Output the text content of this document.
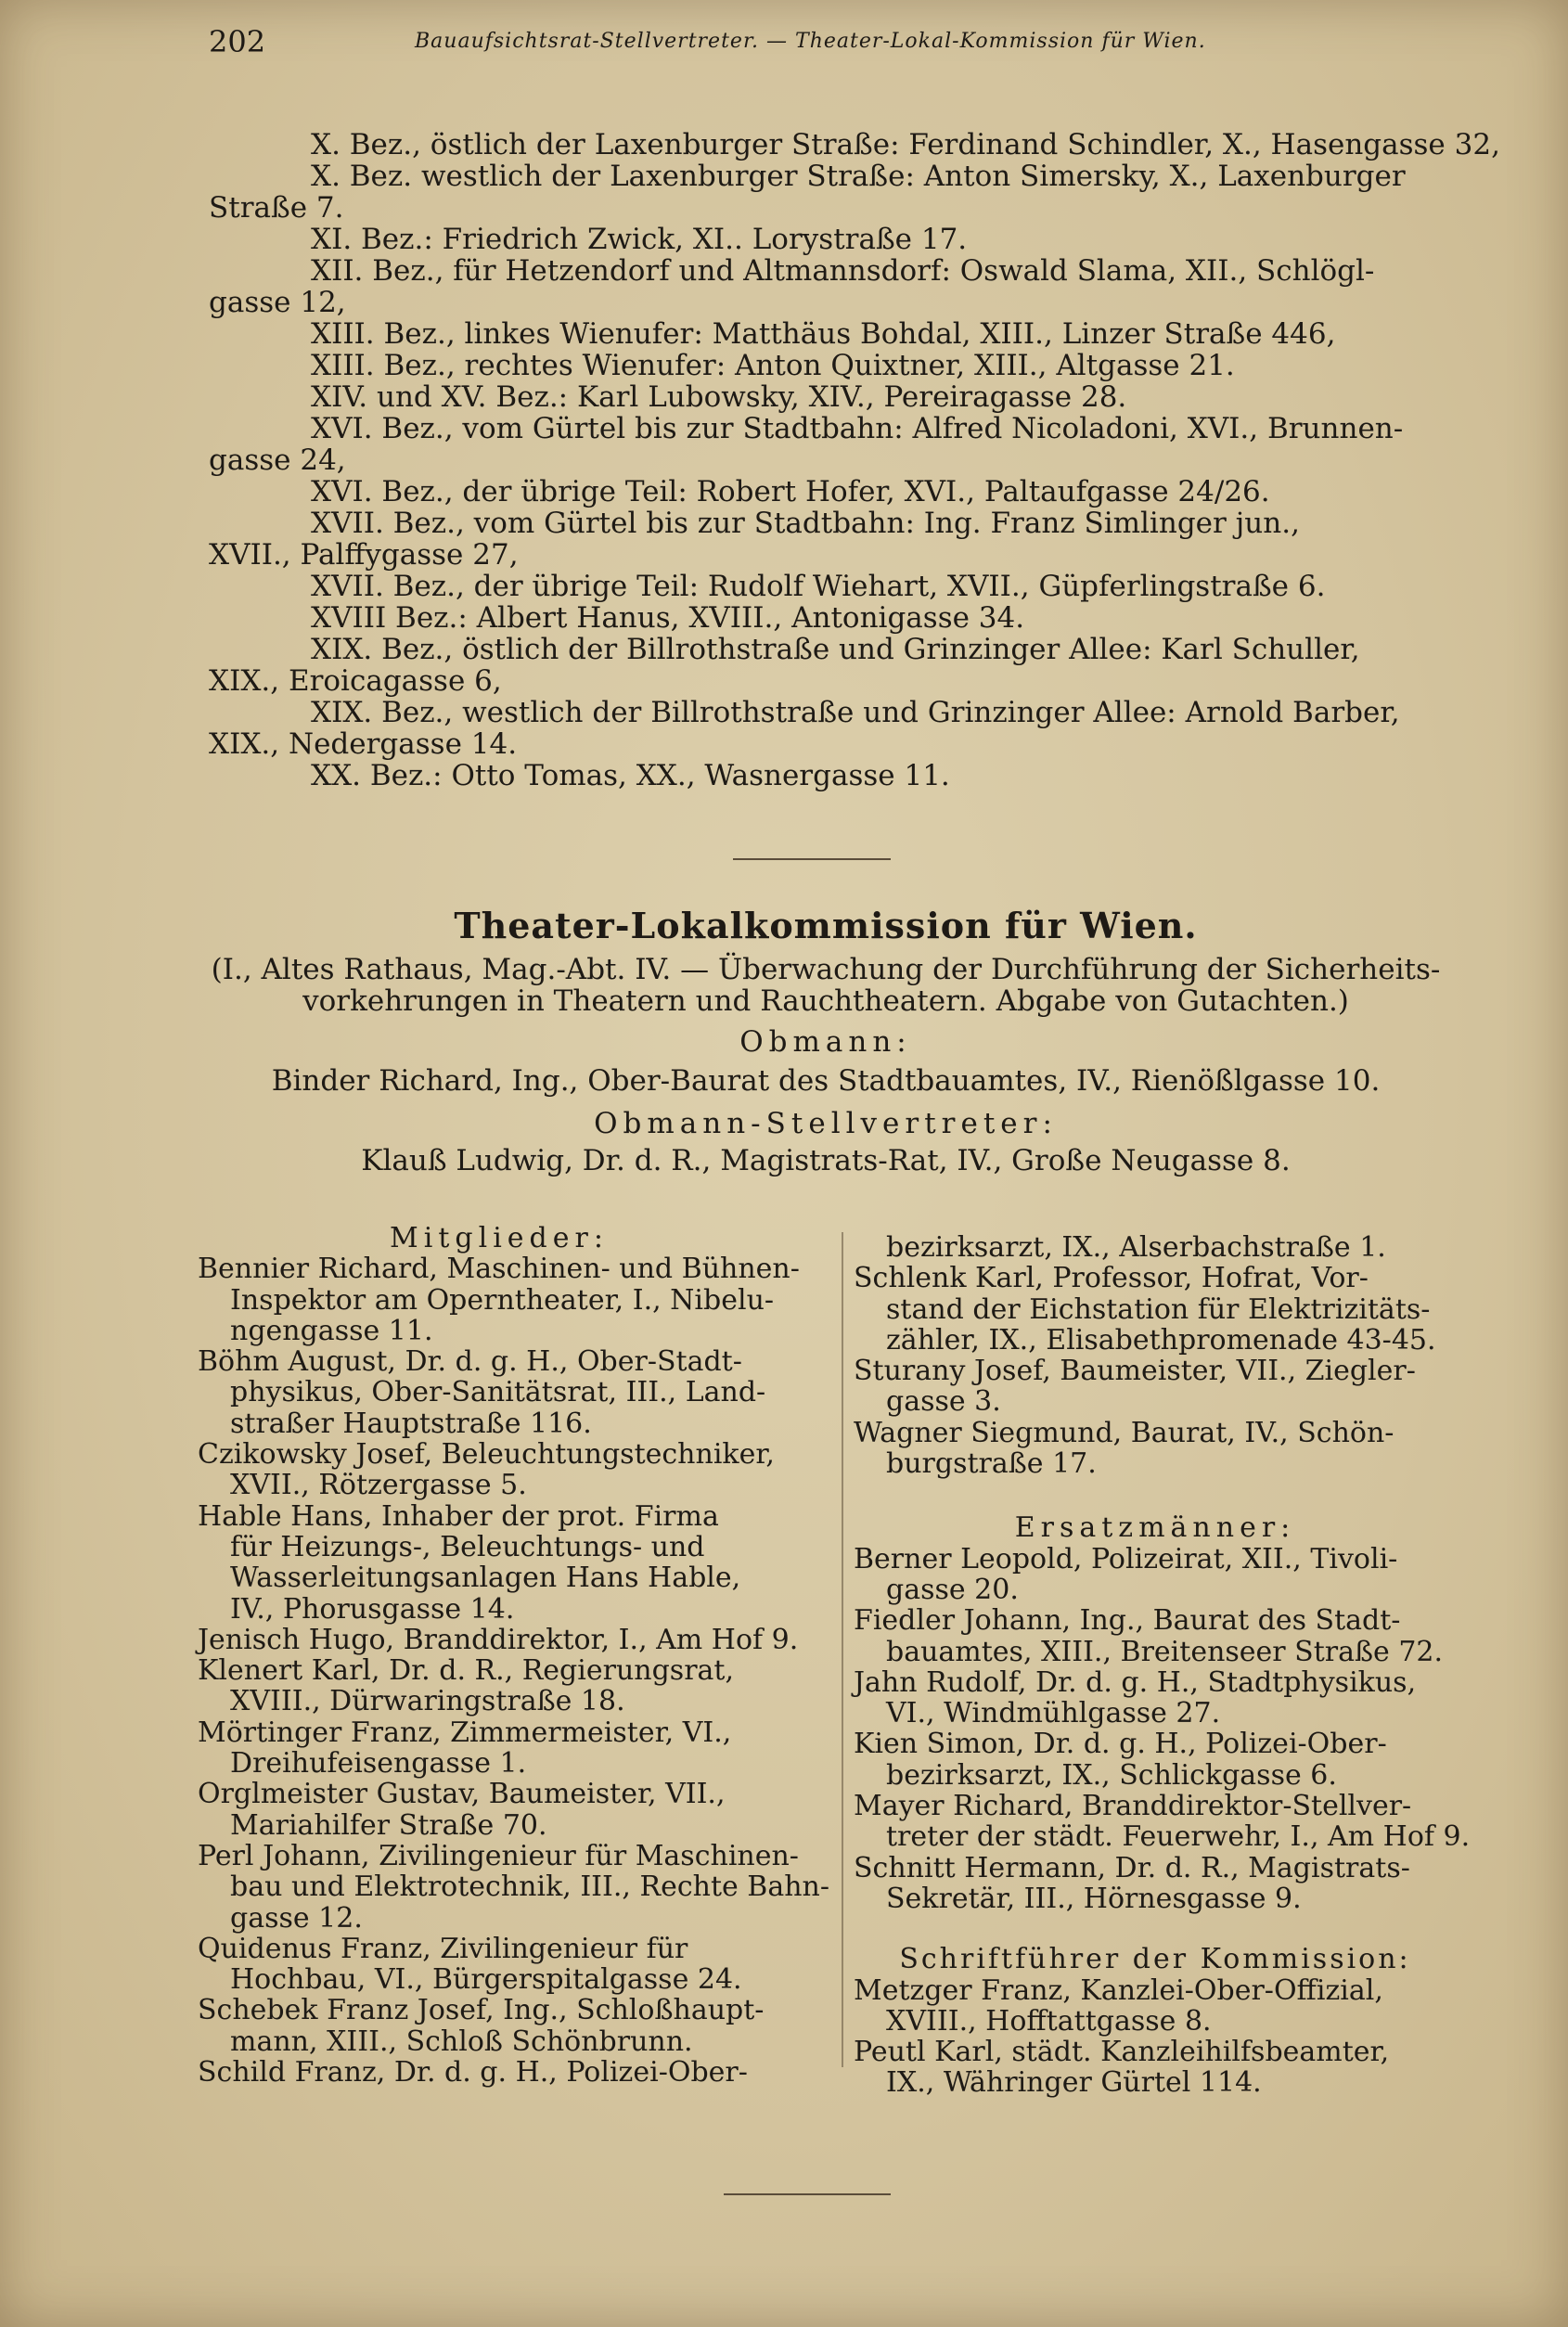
202	Bauaufsichtsrat-Stellvertreter. — Theater-Lokal-Kommission für Wien.
X. Bez., östlich der Laxenburger Straße: Ferdinand Schindler, X., Hasengasse 32,
X. Bez. westlich der Laxenburger Straße: Anton Simersky, X., Laxenburger
Straße 7.
XI. Bez.: Friedrich Zwick, XI.. Lorystraße 17.
XII. Bez., für Hetzendorf und Altmannsdorf: Oswald Slama, XII., Schlögl-
gasse 12,
XIII. Bez., linkes Wienufer: Matthäus Bohdal, XIII., Linzer Straße 446,
XIII. Bez., rechtes Wienufer: Anton Quixtner, XIII., Altgasse 21.
XIV. und XV. Bez.: Karl Lubowsky, XIV., Pereiragasse 28.
XVI. Bez., vom Gürtel bis zur Stadtbahn: Alfred Nicoladoni, XVI., Brunnen-
gasse 24,
XVI. Bez., der übrige Teil: Robert Hofer, XVI., Paltaufgasse 24/26.
XVII. Bez., vom Gürtel bis zur Stadtbahn: Ing. Franz Simlinger jun.,
XVII., Palffygasse 27,
XVII. Bez., der übrige Teil: Rudolf Wiehart, XVII., Güpferlingstraße 6.
XVIII Bez.: Albert Hanus, XVIII., Antonigasse 34.
XIX. Bez., östlich der Billrothstraße und Grinzinger Allee: Karl Schuller,
XIX., Eroicagasse 6,
XIX. Bez., westlich der Billrothstraße und Grinzinger Allee: Arnold Barber,
XIX., Nedergasse 14.
XX. Bez.: Otto Tomas, XX., Wasnergasse 11.
Theater-Lokalkommission für Wien.
(I., Altes Rathaus, Mag.-Abt. IV. — Überwachung der Durchführung der Sicherheits-
vorkehrungen in Theatern und Rauchtheatern. Abgabe von Gutachten.)
Obmann:
Binder Richard, Ing., Ober-Baurat des Stadtbauamtes, IV., Rienößlgasse 10.
Obmann-Stellvertreter:
Klauß Ludwig, Dr. d. R., Magistrats-Rat, IV., Große Neugasse 8.
Mitglieder:
Bennier Richard, Maschinen- und Bühnen-
Inspektor am Operntheater, I., Nibelu-
ngengasse 11.
Böhm August, Dr. d. g. H., Ober-Stadt-
physikus, Ober-Sanitätsrat, III., Land-
straßer Hauptstraße 116.
Czikowsky Josef, Beleuchtungstechniker,
XVII., Rötzergasse 5.
Hable Hans, Inhaber der prot. Firma
für Heizungs-, Beleuchtungs- und
Wasserleitungsanlagen Hans Hable,
IV., Phorusgasse 14.
Jenisch Hugo, Branddirektor, I., Am Hof 9.
Klenert Karl, Dr. d. R., Regierungsrat,
XVIII., Dürwaringstraße 18.
Mörtinger Franz, Zimmermeister, VI.,
Dreihufeisengasse 1.
Orglmeister Gustav, Baumeister, VII.,
Mariahilfer Straße 70.
Perl Johann, Zivilingenieur für Maschinen-
bau und Elektrotechnik, III., Rechte Bahn-
gasse 12.
Quidenus Franz, Zivilingenieur für
Hochbau, VI., Bürgerspitalgasse 24.
Schebek Franz Josef, Ing., Schloßhaupt-
mann, XIII., Schloß Schönbrunn.
Schild Franz, Dr. d. g. H., Polizei-Ober-
bezirksarzt, IX., Alserbachstraße 1.
Schlenk Karl, Professor, Hofrat, Vor-
stand der Eichstation für Elektrizitäts-
zähler, IX., Elisabethpromenade 43-45.
Sturany Josef, Baumeister, VII., Ziegler-
gasse 3.
Wagner Siegmund, Baurat, IV., Schön-
burgstraße 17.
Ersatzmänner:
Berner Leopold, Polizeirat, XII., Tivoli-
gasse 20.
Fiedler Johann, Ing., Baurat des Stadt-
bauamtes, XIII., Breitenseer Straße 72.
Jahn Rudolf, Dr. d. g. H., Stadtphysikus,
VI., Windmühlgasse 27.
Kien Simon, Dr. d. g. H., Polizei-Ober-
bezirksarzt, IX., Schlickgasse 6.
Mayer Richard, Branddirektor-Stellver-
treter der städt. Feuerwehr, I., Am Hof 9.
Schnitt Hermann, Dr. d. R., Magistrats-
Sekretär, III., Hörnesgasse 9.
Schriftführer der Kommission:
Metzger Franz, Kanzlei-Ober-Offizial,
XVIII., Hofftattgasse 8.
Peutl Karl, städt. Kanzleihilfsbeamter,
IX., Währinger Gürtel 114.
